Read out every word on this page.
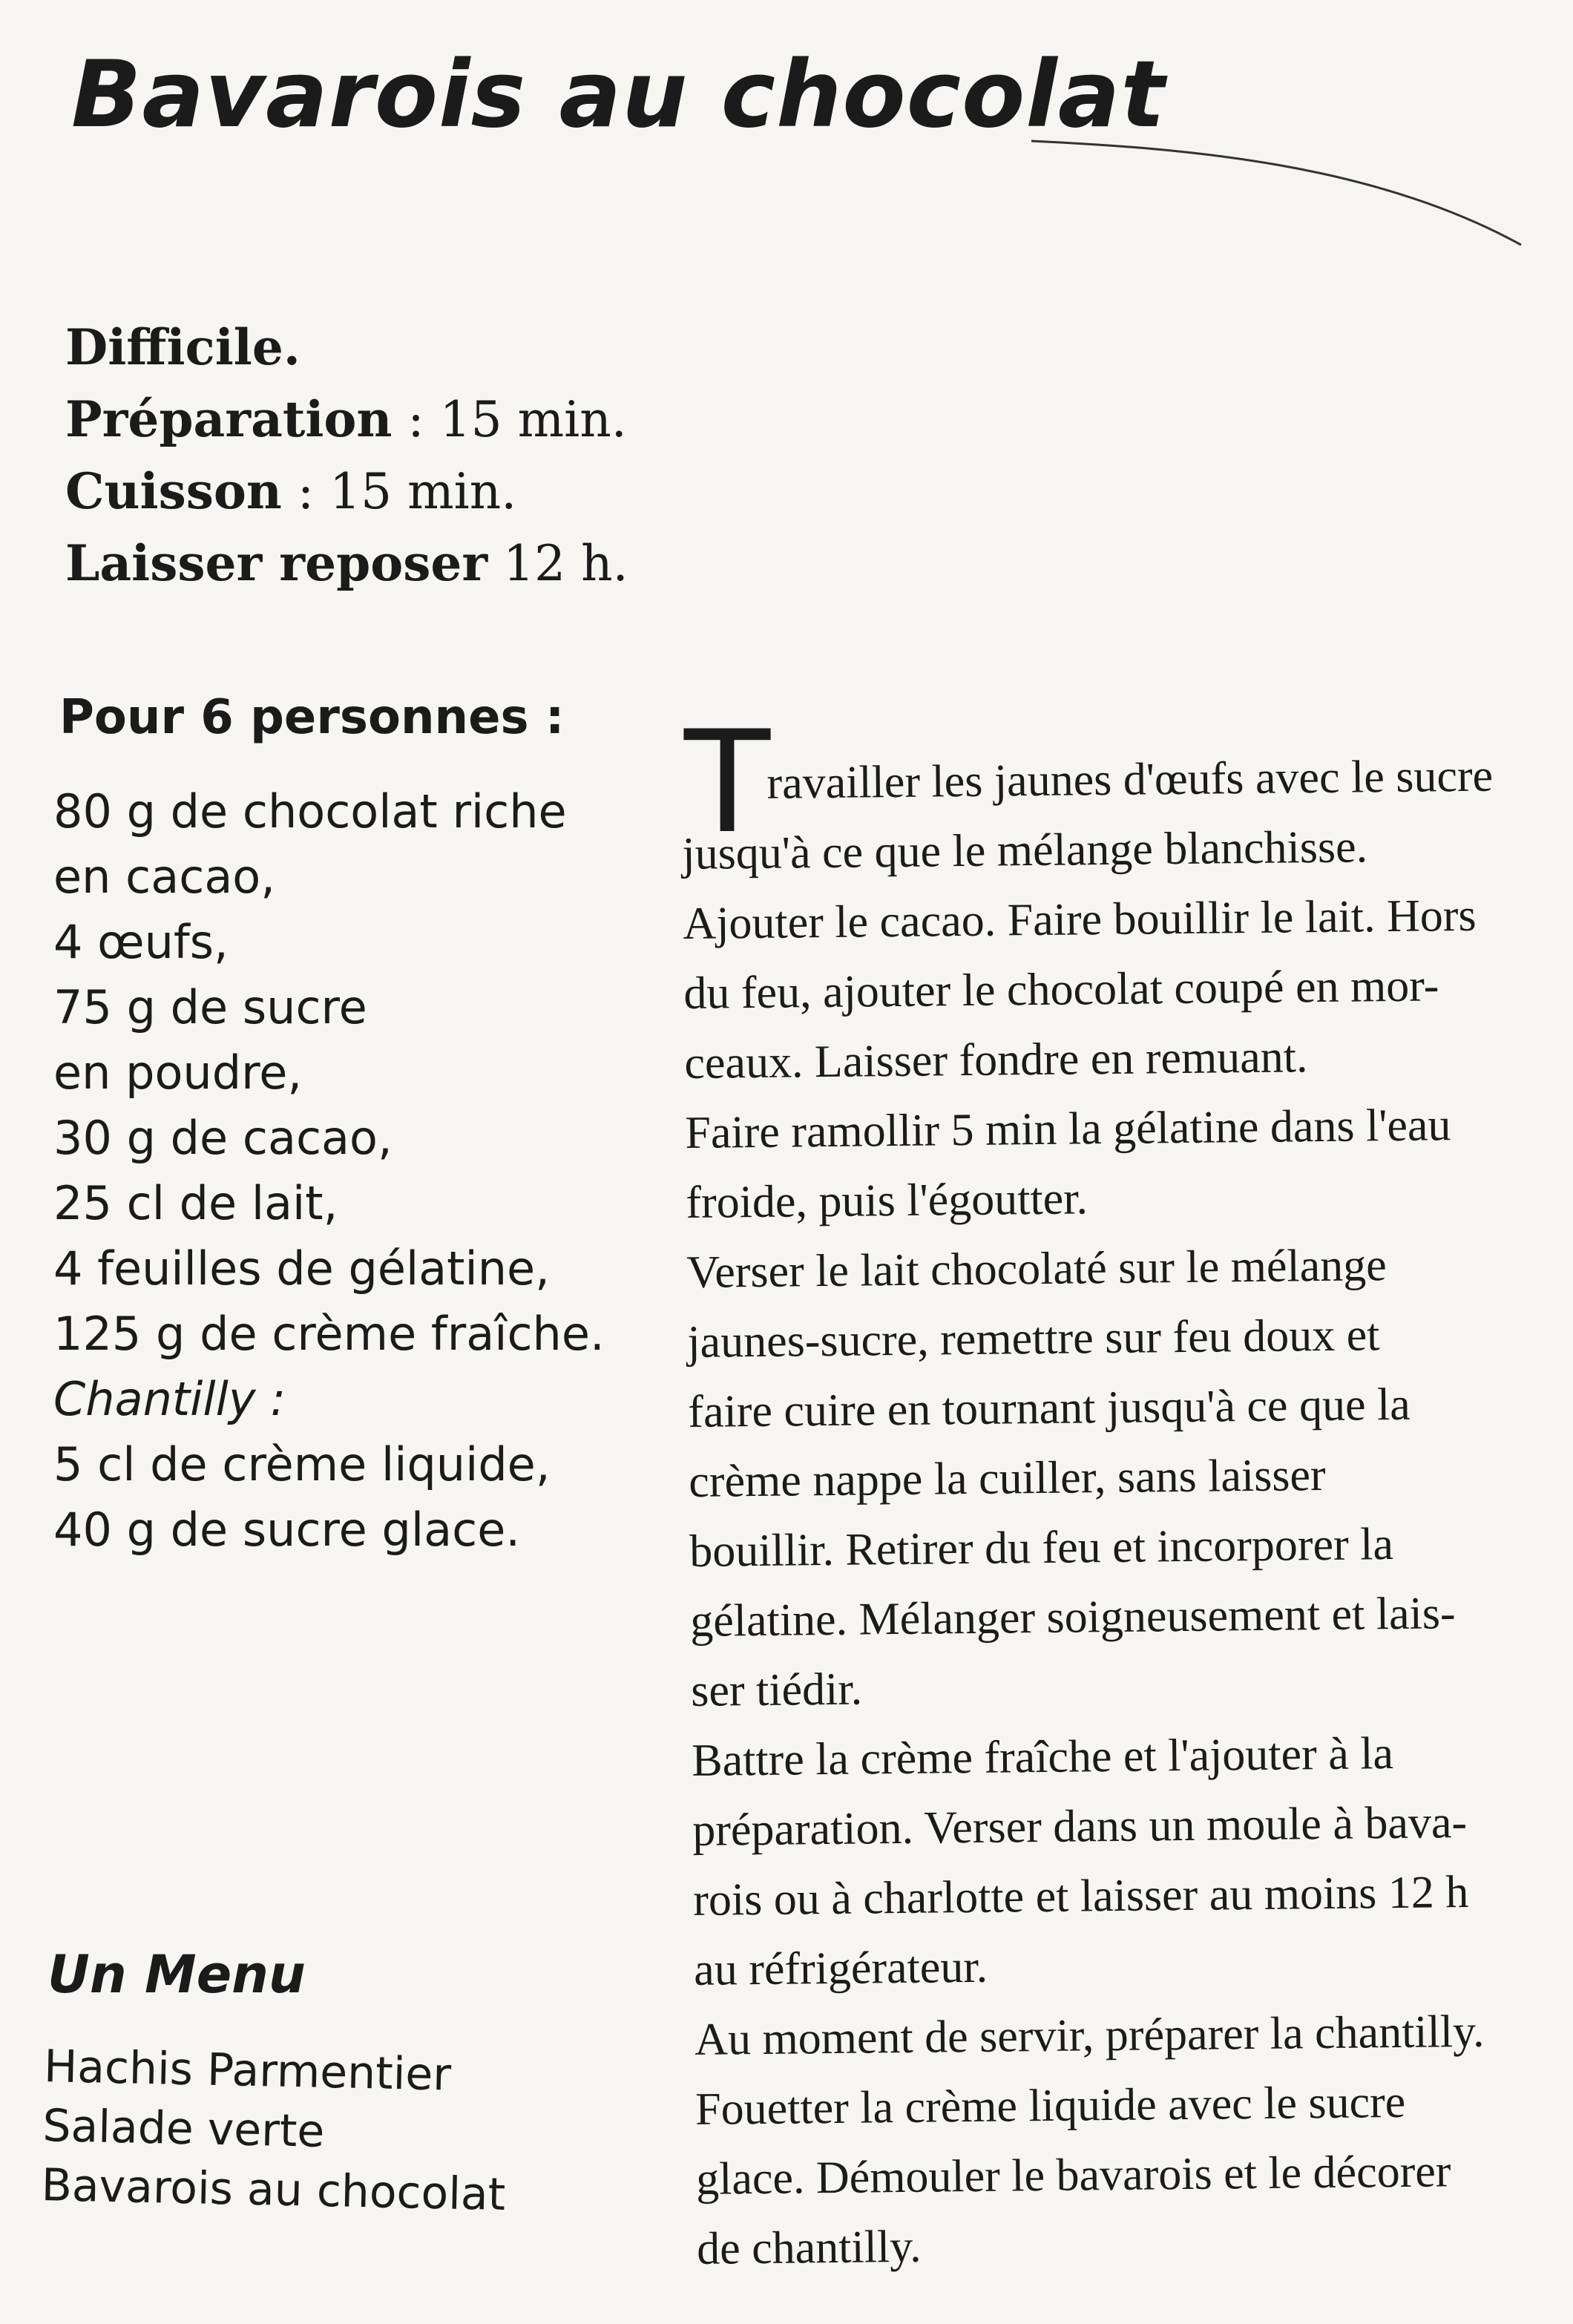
Bavarois au chocolat
Difficile.
Préparation : 15 min.
Cuisson : 15 min.
Laisser reposer 12 h.
Pour 6 personnes :
80 g de chocolat riche
en cacao,
4 œufs,
75 g de sucre
en poudre,
30 g de cacao,
25 cl de lait,
4 feuilles de gélatine,
125 g de crème fraîche.
Chantilly :
5 cl de crème liquide,
40 g de sucre glace.
Un Menu
Hachis Parmentier
Salade verte
Bavarois au chocolat
T
ravailler les jaunes d'œufs avec le sucre
jusqu'à ce que le mélange blanchisse.
Ajouter le cacao. Faire bouillir le lait. Hors
du feu, ajouter le chocolat coupé en mor-
ceaux. Laisser fondre en remuant.
Faire ramollir 5 min la gélatine dans l'eau
froide, puis l'égoutter.
Verser le lait chocolaté sur le mélange
jaunes-sucre, remettre sur feu doux et
faire cuire en tournant jusqu'à ce que la
crème nappe la cuiller, sans laisser
bouillir. Retirer du feu et incorporer la
gélatine. Mélanger soigneusement et lais-
ser tiédir.
Battre la crème fraîche et l'ajouter à la
préparation. Verser dans un moule à bava-
rois ou à charlotte et laisser au moins 12 h
au réfrigérateur.
Au moment de servir, préparer la chantilly.
Fouetter la crème liquide avec le sucre
glace. Démouler le bavarois et le décorer
de chantilly.
